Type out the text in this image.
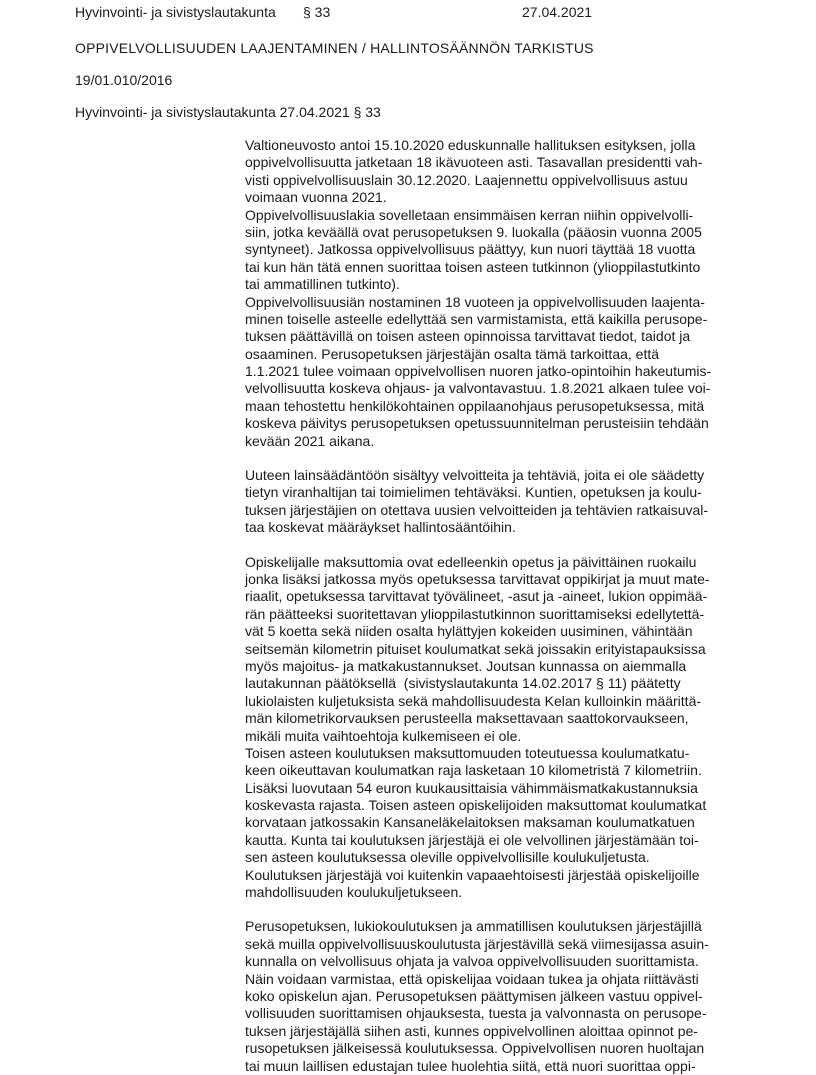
Hyvinvointi- ja sivistyslautakunta § 33	27.04.2021
OPPIVELVOLLISUUDEN LAAJENTAMINEN / HALLINTOSÄÄNNÖN TARKISTUS
19/01.010/2016
Hyvinvointi- ja sivistyslautakunta 27.04.2021 § 33
Valtioneuvosto antoi 15.10.2020 eduskunnalle hallituksen esityksen, jolla
oppivelvollisuutta jatketaan 18 ikävuoteen asti. Tasavallan presidentti vah-
visti oppivelvollisuuslain 30.12.2020. Laajennettu oppivelvollisuus astuu
voimaan vuonna 2021.
Oppivelvollisuuslakia sovelletaan ensimmäisen kerran niihin oppivelvolli-
siin, jotka keväällä ovat perusopetuksen 9. luokalla (pääosin vuonna 2005
syntyneet). Jatkossa oppivelvollisuus päättyy, kun nuori täyttää 18 vuotta
tai kun hän tätä ennen suorittaa toisen asteen tutkinnon (ylioppilastutkinto
tai ammatillinen tutkinto).
Oppivelvollisuusiän nostaminen 18 vuoteen ja oppivelvollisuuden laajenta-
minen toiselle asteelle edellyttää sen varmistamista, että kaikilla perusope-
tuksen päättävillä on toisen asteen opinnoissa tarvittavat tiedot, taidot ja
osaaminen. Perusopetuksen järjestäjän osalta tämä tarkoittaa, että
1.1.2021 tulee voimaan oppivelvollisen nuoren jatko-opintoihin hakeutumis-
velvollisuutta koskeva ohjaus- ja valvontavastuu. 1.8.2021 alkaen tulee voi-
maan tehostettu henkilökohtainen oppilaanohjaus perusopetuksessa, mitä
koskeva päivitys perusopetuksen opetussuunnitelman perusteisiin tehdään
kevään 2021 aikana.
Uuteen lainsäädäntöön sisältyy velvoitteita ja tehtäviä, joita ei ole säädetty
tietyn viranhaltijan tai toimielimen tehtäväksi. Kuntien, opetuksen ja koulu-
tuksen järjestäjien on otettava uusien velvoitteiden ja tehtävien ratkaisuval-
taa koskevat määräykset hallintosääntöihin.
Opiskelijalle maksuttomia ovat edelleenkin opetus ja päivittäinen ruokailu
jonka lisäksi jatkossa myös opetuksessa tarvittavat oppikirjat ja muut mate-
riaalit, opetuksessa tarvittavat työvälineet, -asut ja -aineet, lukion oppimää-
rän päätteeksi suoritettavan ylioppilastutkinnon suorittamiseksi edellytettä-
vät 5 koetta sekä niiden osalta hylättyjen kokeiden uusiminen, vähintään
seitsemän kilometrin pituiset koulumatkat sekä joissakin erityistapauksissa
myös majoitus- ja matkakustannukset. Joutsan kunnassa on aiemmalla
lautakunnan päätöksellä  (sivistyslautakunta 14.02.2017 § 11) päätetty
lukiolaisten kuljetuksista sekä mahdollisuudesta Kelan kulloinkin määrittä-
män kilometrikorvauksen perusteella maksettavaan saattokorvaukseen,
mikäli muita vaihtoehtoja kulkemiseen ei ole.
Toisen asteen koulutuksen maksuttomuuden toteutuessa koulumatkatu-
keen oikeuttavan koulumatkan raja lasketaan 10 kilometristä 7 kilometriin.
Lisäksi luovutaan 54 euron kuukausittaisia vähimmäismatkakustannuksia
koskevasta rajasta. Toisen asteen opiskelijoiden maksuttomat koulumatkat
korvataan jatkossakin Kansaneläkelaitoksen maksaman koulumatkatuen
kautta. Kunta tai koulutuksen järjestäjä ei ole velvollinen järjestämään toi-
sen asteen koulutuksessa oleville oppivelvollisille koulukuljetusta.
Koulutuksen järjestäjä voi kuitenkin vapaaehtoisesti järjestää opiskelijoille
mahdollisuuden koulukuljetukseen.
Perusopetuksen, lukiokoulutuksen ja ammatillisen koulutuksen järjestäjillä
sekä muilla oppivelvollisuuskoulutusta järjestävillä sekä viimesijassa asuin-
kunnalla on velvollisuus ohjata ja valvoa oppivelvollisuuden suorittamista.
Näin voidaan varmistaa, että opiskelijaa voidaan tukea ja ohjata riittävästi
koko opiskelun ajan. Perusopetuksen päättymisen jälkeen vastuu oppivel-
vollisuuden suorittamisen ohjauksesta, tuesta ja valvonnasta on perusope-
tuksen järjestäjällä siihen asti, kunnes oppivelvollinen aloittaa opinnot pe-
rusopetuksen jälkeisessä koulutuksessa. Oppivelvollisen nuoren huoltajan
tai muun laillisen edustajan tulee huolehtia siitä, että nuori suorittaa oppi-
